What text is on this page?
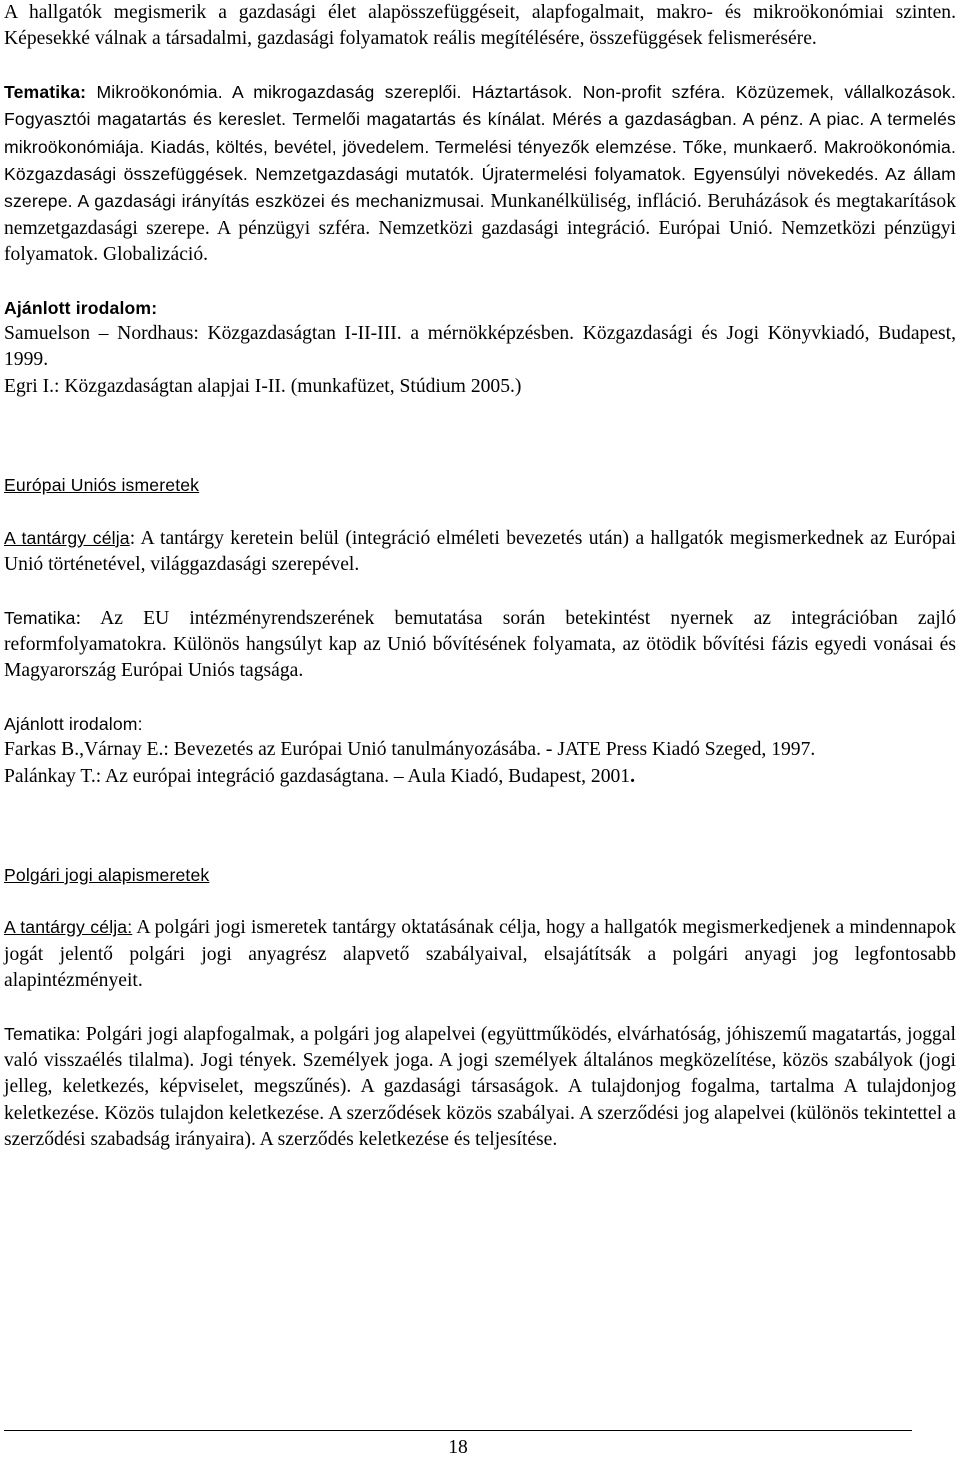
A hallgatók megismerik a gazdasági élet alapösszefüggéseit, alapfogalmait, makro- és mikroökonómiai szinten. Képesekké válnak a társadalmi, gazdasági folyamatok reális megítélésére, összefüggések felismerésére.

Tematika: Mikroökonómia. A mikrogazdaság szereplői. Háztartások. Non-profit szféra. Közüzemek, vállalkozások. Fogyasztói magatartás és kereslet. Termelői magatartás és kínálat. Mérés a gazdaságban. A pénz. A piac. A termelés mikroökonómiája. Kiadás, költés, bevétel, jövedelem. Termelési tényezők elemzése. Tőke, munkaerő. Makroökonómia. Közgazdasági összefüggések. Nemzetgazdasági mutatók. Újratermelési folyamatok. Egyensúlyi növekedés. Az állam szerepe. A gazdasági irányítás eszközei és mechanizmusai. Munkanélküliség, infláció. Beruházások és megtakarítások nemzetgazdasági szerepe. A pénzügyi szféra. Nemzetközi gazdasági integráció. Európai Unió. Nemzetközi pénzügyi folyamatok. Globalizáció.

Ajánlott irodalom:

Samuelson – Nordhaus: Közgazdaságtan I-II-III. a mérnökképzésben. Közgazdasági és Jogi Könyvkiadó, Budapest, 1999.

Egri I.: Közgazdaságtan alapjai I-II. (munkafüzet, Stúdium 2005.)

Európai Uniós ismeretek

A tantárgy célja: A tantárgy keretein belül (integráció elméleti bevezetés után) a hallgatók megismerkednek az Európai Unió történetével, világgazdasági szerepével.

Tematika: Az EU intézményrendszerének bemutatása során betekintést nyernek az integrációban zajló reformfolyamatokra. Különös hangsúlyt kap az Unió bővítésének folyamata, az ötödik bővítési fázis egyedi vonásai és Magyarország Európai Uniós tagsága.

Ajánlott irodalom:

Farkas B.,Várnay E.: Bevezetés az Európai Unió tanulmányozásába. - JATE Press Kiadó Szeged, 1997.

Palánkay T.: Az európai integráció gazdaságtana. – Aula Kiadó, Budapest, 2001.

Polgári jogi alapismeretek

A tantárgy célja: A polgári jogi ismeretek tantárgy oktatásának célja, hogy a hallgatók megismerkedjenek a mindennapok jogát jelentő polgári jogi anyagrész alapvető szabályaival, elsajátítsák a polgári anyagi jog legfontosabb alapintézményeit.

Tematika: Polgári jogi alapfogalmak, a polgári jog alapelvei (együttműködés, elvárhatóság, jóhiszemű magatartás, joggal való visszaélés tilalma). Jogi tények. Személyek joga. A jogi személyek általános megközelítése, közös szabályok (jogi jelleg, keletkezés, képviselet, megszűnés). A gazdasági társaságok. A tulajdonjog fogalma, tartalma A tulajdonjog keletkezése. Közös tulajdon keletkezése. A szerződések közös szabályai. A szerződési jog alapelvei (különös tekintettel a szerződési szabadság irányaira). A szerződés keletkezése és teljesítése.

18
